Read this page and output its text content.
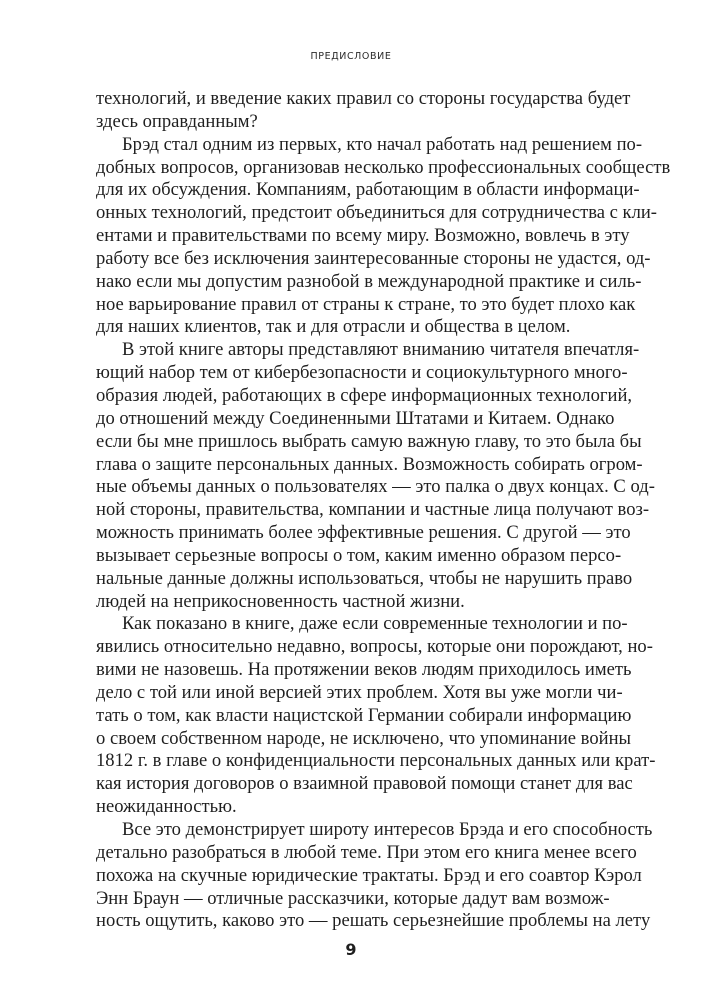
ПРЕДИСЛОВИЕ
технологий, и введение каких правил со стороны государства будет
здесь оправданным?
Брэд стал одним из первых, кто начал работать над решением по-
добных вопросов, организовав несколько профессиональных сообществ
для их обсуждения. Компаниям, работающим в области информаци-
онных технологий, предстоит объединиться для сотрудничества с кли-
ентами и правительствами по всему миру. Возможно, вовлечь в эту
работу все без исключения заинтересованные стороны не удастся, од-
нако если мы допустим разнобой в международной практике и силь-
ное варьирование правил от страны к стране, то это будет плохо как
для наших клиентов, так и для отрасли и общества в целом.
В этой книге авторы представляют вниманию читателя впечатля-
ющий набор тем от кибербезопасности и социокультурного много-
образия людей, работающих в сфере информационных технологий,
до отношений между Соединенными Штатами и Китаем. Однако
если бы мне пришлось выбрать самую важную главу, то это была бы
глава о защите персональных данных. Возможность собирать огром-
ные объемы данных о пользователях — это палка о двух концах. С од-
ной стороны, правительства, компании и частные лица получают воз-
можность принимать более эффективные решения. С другой — это
вызывает серьезные вопросы о том, каким именно образом персо-
нальные данные должны использоваться, чтобы не нарушить право
людей на неприкосновенность частной жизни.
Как показано в книге, даже если современные технологии и по-
явились относительно недавно, вопросы, которые они порождают, но-
вими не назовешь. На протяжении веков людям приходилось иметь
дело с той или иной версией этих проблем. Хотя вы уже могли чи-
тать о том, как власти нацистской Германии собирали информацию
о своем собственном народе, не исключено, что упоминание войны
1812 г. в главе о конфиденциальности персональных данных или крат-
кая история договоров о взаимной правовой помощи станет для вас
неожиданностью.
Все это демонстрирует широту интересов Брэда и его способность
детально разобраться в любой теме. При этом его книга менее всего
похожа на скучные юридические трактаты. Брэд и его соавтор Кэрол
Энн Браун — отличные рассказчики, которые дадут вам возмож-
ность ощутить, каково это — решать серьезнейшие проблемы на лету
9
